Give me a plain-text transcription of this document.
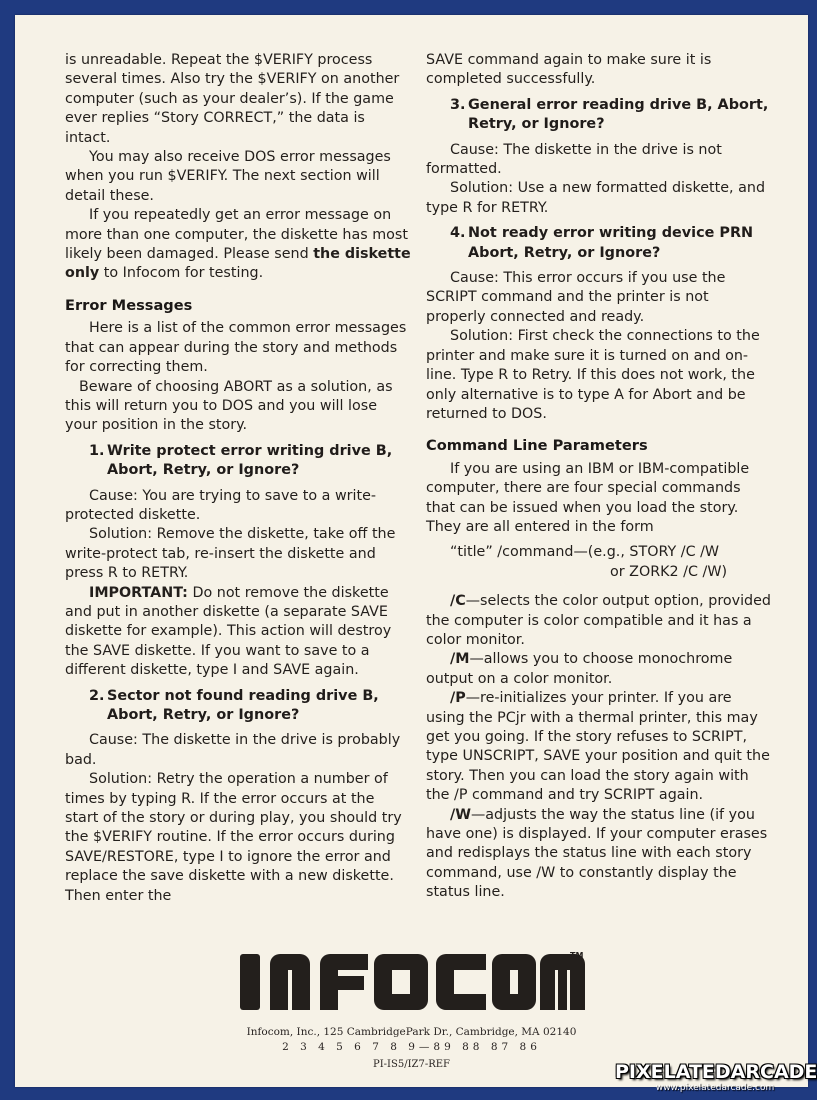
is unreadable. Repeat the $VERIFY process several times. Also try the $VERIFY on another computer (such as your dealer’s). If the game ever replies “Story CORRECT,” the data is intact.

You may also receive DOS error messages when you run $VERIFY. The next section will detail these.

If you repeatedly get an error message on more than one computer, the diskette has most likely been damaged. Please send the diskette only to Infocom for testing.

Error Messages

Here is a list of the common error messages that can appear during the story and methods for correcting them.

Beware of choosing ABORT as a solution, as this will return you to DOS and you will lose your position in the story.

1. Write protect error writing drive B, Abort, Retry, or Ignore?

Cause: You are trying to save to a write-protected diskette.

Solution: Remove the diskette, take off the write-protect tab, re-insert the diskette and press R to RETRY.

IMPORTANT: Do not remove the diskette and put in another diskette (a separate SAVE diskette for example). This action will destroy the SAVE diskette. If you want to save to a different diskette, type I and SAVE again.

2. Sector not found reading drive B, Abort, Retry, or Ignore?

Cause: The diskette in the drive is probably bad.

Solution: Retry the operation a number of times by typing R. If the error occurs at the start of the story or during play, you should try the $VERIFY routine. If the error occurs during SAVE/RESTORE, type I to ignore the error and replace the save diskette with a new diskette. Then enter the

SAVE command again to make sure it is completed successfully.

3. General error reading drive B, Abort, Retry, or Ignore?

Cause: The diskette in the drive is not formatted.

Solution: Use a new formatted diskette, and type R for RETRY.

4. Not ready error writing device PRN Abort, Retry, or Ignore?

Cause: This error occurs if you use the SCRIPT command and the printer is not properly connected and ready.

Solution: First check the connections to the printer and make sure it is turned on and on-line. Type R to Retry. If this does not work, the only alternative is to type A for Abort and be returned to DOS.

Command Line Parameters

If you are using an IBM or IBM-compatible computer, there are four special commands that can be issued when you load the story. They are all entered in the form

“title” /command—(e.g., STORY /C /W
or ZORK2 /C /W)

/C—selects the color output option, provided the computer is color compatible and it has a color monitor.

/M—allows you to choose monochrome output on a color monitor.

/P—re-initializes your printer. If you are using the PCjr with a thermal printer, this may get you going. If the story refuses to SCRIPT, type UNSCRIPT, SAVE your position and quit the story. Then you can load the story again with the /P command and try SCRIPT again.

/W—adjusts the way the status line (if you have one) is displayed. If your computer erases and redisplays the status line with each story command, use /W to constantly display the status line.

TM
Infocom, Inc., 125 CambridgePark Dr., Cambridge, MA 02140
2 3 4 5 6 7 8 9—89 88 87 86
PI-IS5/IZ7-REF	PIXELATEDARCADE
www.pixelatedarcade.com
